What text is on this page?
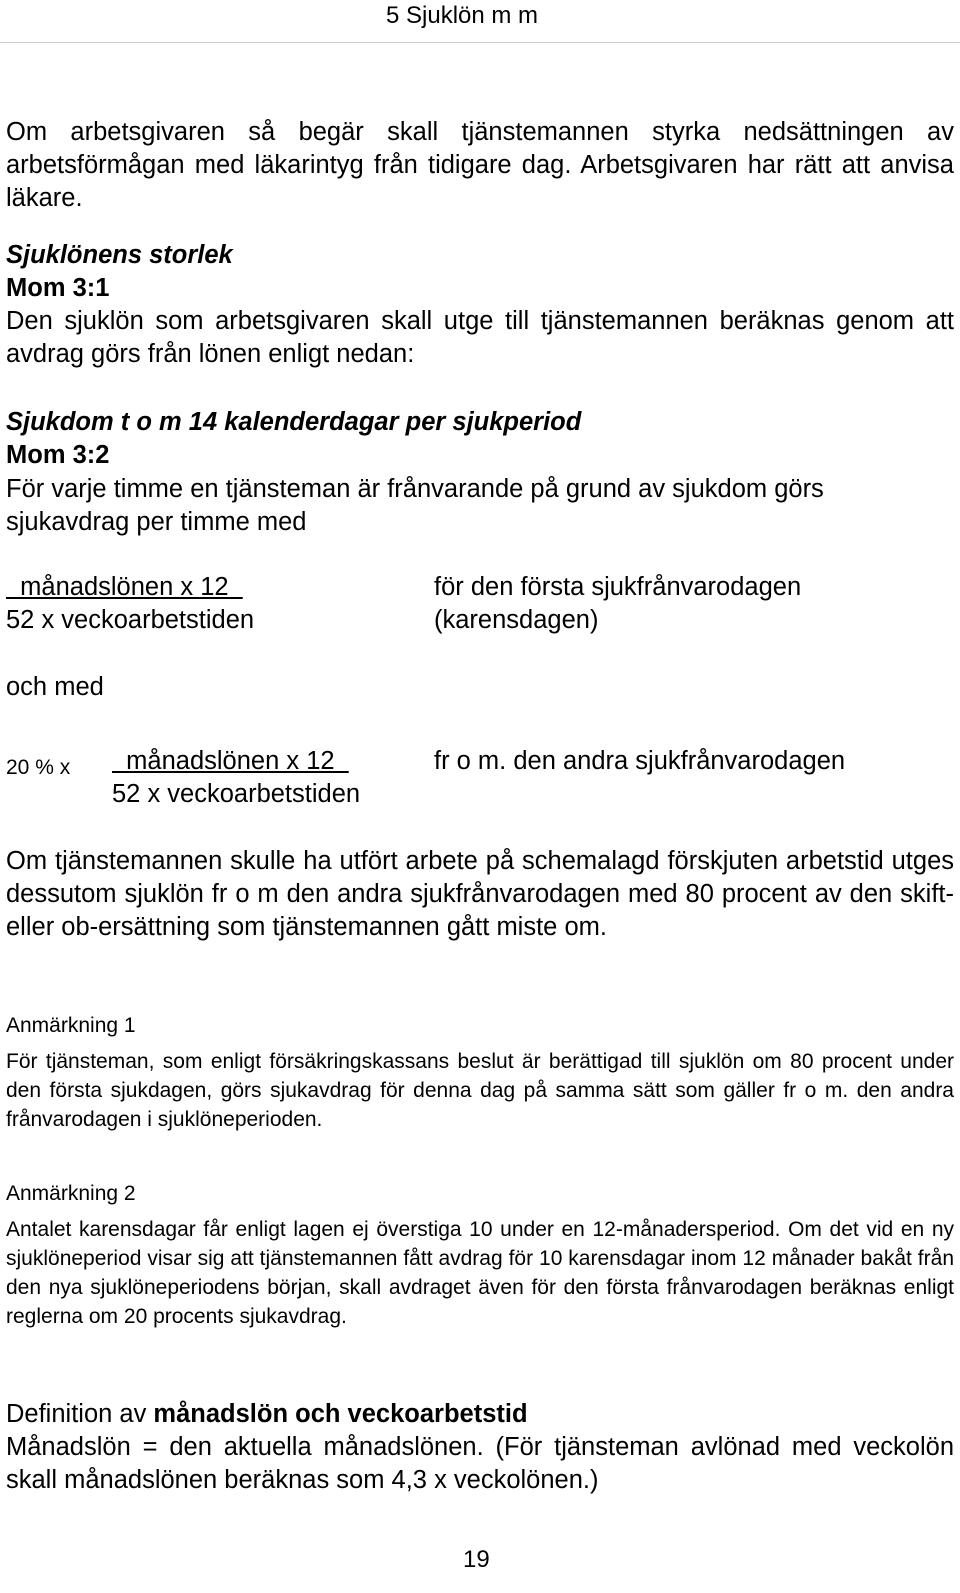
5 Sjuklön m m

Om arbetsgivaren så begär skall tjänstemannen styrka nedsättningen av arbetsförmågan med läkarintyg från tidigare dag. Arbetsgivaren har rätt att anvisa läkare.

Sjuklönens storlek
Mom 3:1

Den sjuklön som arbetsgivaren skall utge till tjänstemannen beräknas genom att avdrag görs från lönen enligt nedan:

Sjukdom t o m 14 kalenderdagar per sjukperiod
Mom 3:2

För varje timme en tjänsteman är frånvarande på grund av sjukdom görs sjukavdrag per timme med

månadslönen x 12
52 x veckoarbetstiden
för den första sjukfrånvarodagen
(karensdagen)
och med
20 % x månadslönen x 12
52 x veckoarbetstiden
fr o m. den andra sjukfrånvarodagen

Om tjänstemannen skulle ha utfört arbete på schemalagd förskjuten arbetstid utges dessutom sjuklön fr o m den andra sjukfrånvarodagen med 80 procent av den skift- eller ob-ersättning som tjänstemannen gått miste om.

Anmärkning 1

För tjänsteman, som enligt försäkringskassans beslut är berättigad till sjuklön om 80 procent under den första sjukdagen, görs sjukavdrag för denna dag på samma sätt som gäller fr o m. den andra frånvarodagen i sjuklöneperioden.

Anmärkning 2

Antalet karensdagar får enligt lagen ej överstiga 10 under en 12-månadersperiod. Om det vid en ny sjuklöneperiod visar sig att tjänstemannen fått avdrag för 10 karensdagar inom 12 månader bakåt från den nya sjuklöneperiodens början, skall avdraget även för den första frånvarodagen beräknas enligt reglerna om 20 procents sjukavdrag.

Definition av månadslön och veckoarbetstid

Månadslön = den aktuella månadslönen. (För tjänsteman avlönad med veckolön skall månadslönen beräknas som 4,3 x veckolönen.)

19
